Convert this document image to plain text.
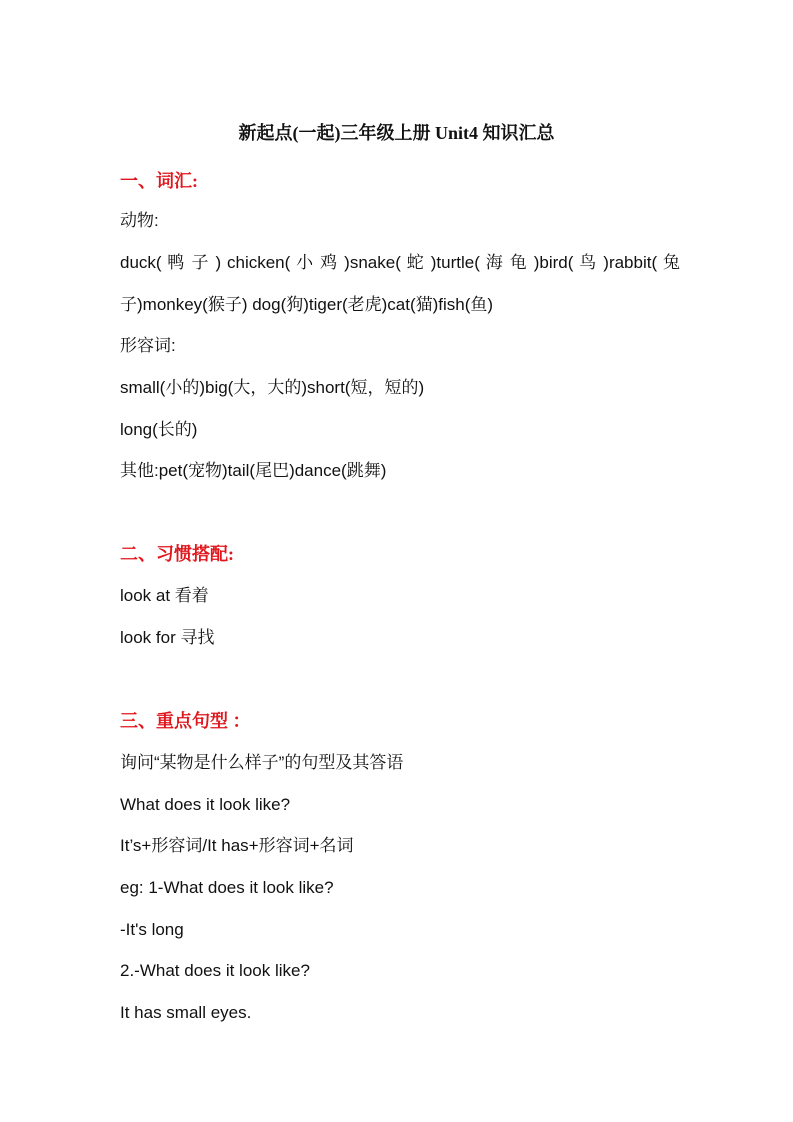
新起点(一起)三年级上册 Unit4 知识汇总
一、词汇:
动物:
duck( 鸭 子 ) chicken( 小 鸡 )snake( 蛇 )turtle( 海 龟 )bird( 鸟 )rabbit( 兔
子)monkey(猴子) dog(狗)tiger(老虎)cat(猫)fish(鱼)
形容词:
small(小的)big(大，大的)short(短，短的)
long(长的)
其他:pet(宠物)tail(尾巴)dance(跳舞)
二、习惯搭配:
look at 看着
look for 寻找
三、重点句型 ：
询问“某物是什么样子”的句型及其答语
What does it look like?
It’s+形容词/It has+形容词+名词
eg: 1-What does it look like?
-It's long
2.-What does it look like?
It has small eyes.
